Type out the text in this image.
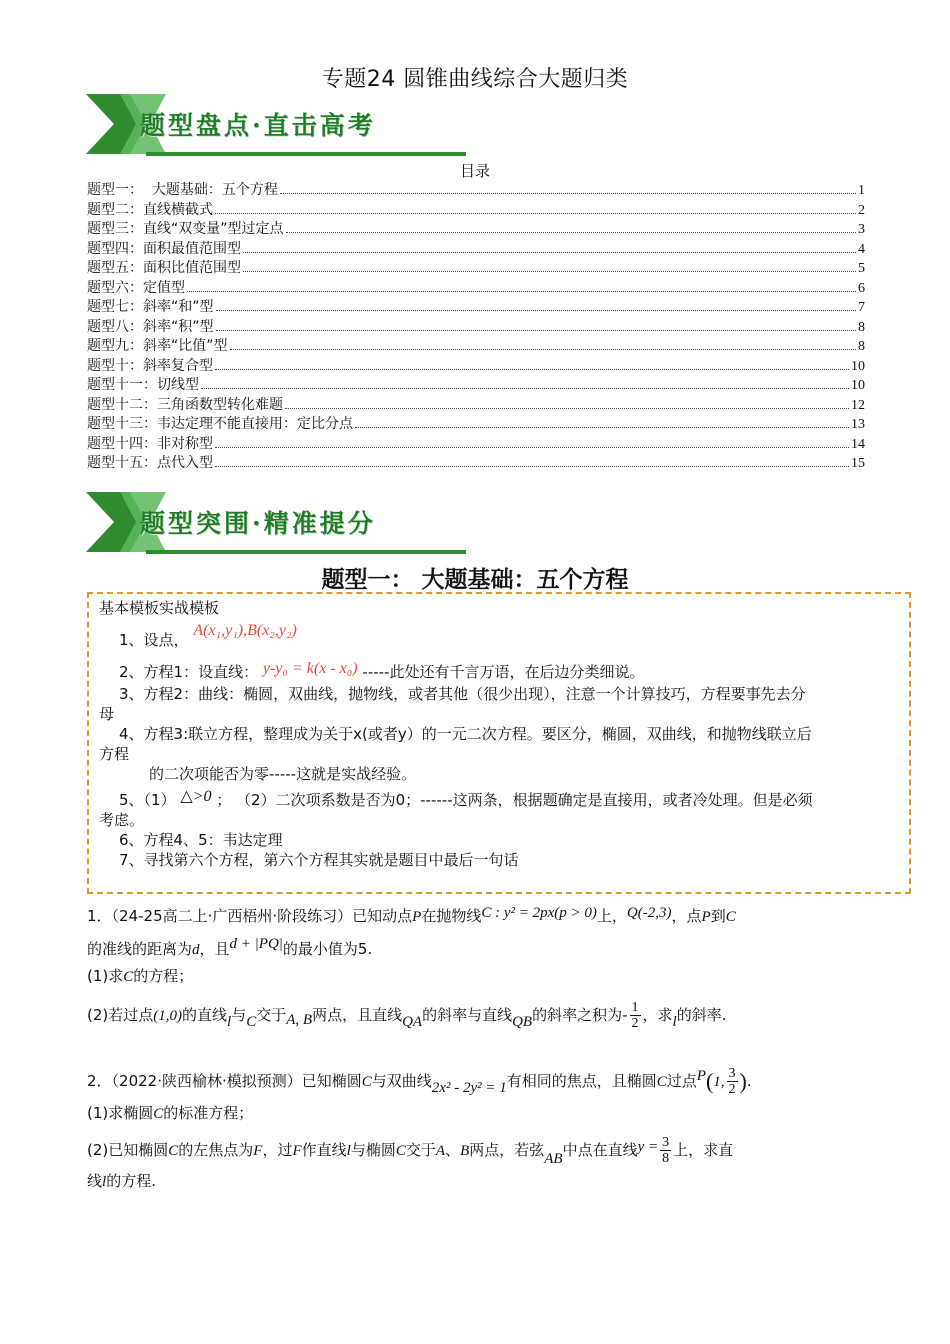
专题24 圆锥曲线综合大题归类
题型盘点·直击高考
目录
题型一：  大题基础：五个方程	1
题型二：直线横截式	2
题型三：直线“双变量”型过定点	3
题型四：面积最值范围型	4
题型五：面积比值范围型	5
题型六：定值型	6
题型七：斜率“和”型	7
题型八：斜率“积”型	8
题型九：斜率“比值”型	8
题型十：斜率复合型	10
题型十一：切线型	10
题型十二：三角函数型转化难题	12
题型十三：韦达定理不能直接用：定比分点	13
题型十四：非对称型	14
题型十五：点代入型	15
题型突围·精准提分
题型一： 大题基础：五个方程
基本模板实战模板
1、设点， A(x₁,y₁),B(x₂,y₂)
2、方程1：设直线： y-y₀ = k(x - x₀) -----此处还有千言万语，在后边分类细说。
3、方程2：曲线：椭圆，双曲线，抛物线，或者其他（很少出现），注意一个计算技巧，方程要事先去分
母
4、方程3:联立方程，整理成为关于x(或者y）的一元二次方程。要区分，椭圆，双曲线，和抛物线联立后
方程
的二次项能否为零-----这就是实战经验。
5、（1） △>0 ； （2）二次项系数是否为0；------这两条，根据题确定是直接用，或者冷处理。但是必须
考虑。
6、方程4、5：韦达定理
7、寻找第六个方程，第六个方程其实就是题目中最后一句话
1．（24-25高二上·广西梧州·阶段练习）已知动点P在抛物线C : y² = 2px(p > 0)上，Q(-2,3)，点P到C
的准线的距离为d，且d + |PQ|的最小值为5.
(1)求C的方程；
(2)若过点(1,0)的直线l与C交于A, B两点，且直线QA的斜率与直线QB的斜率之积为- $\frac{1}{2}$ ，求l的斜率.
2．（2022·陕西榆林·模拟预测）已知椭圆C与双曲线2x² - 2y² = 1有相同的焦点，且椭圆C过点P(1, $\frac{3}{2}$ ).
(1)求椭圆C的标准方程；
(2)已知椭圆C的左焦点为F，过F作直线l与椭圆C交于A、B两点，若弦AB中点在直线$y = \frac{3}{8}$ 上，求直
线l的方程.
